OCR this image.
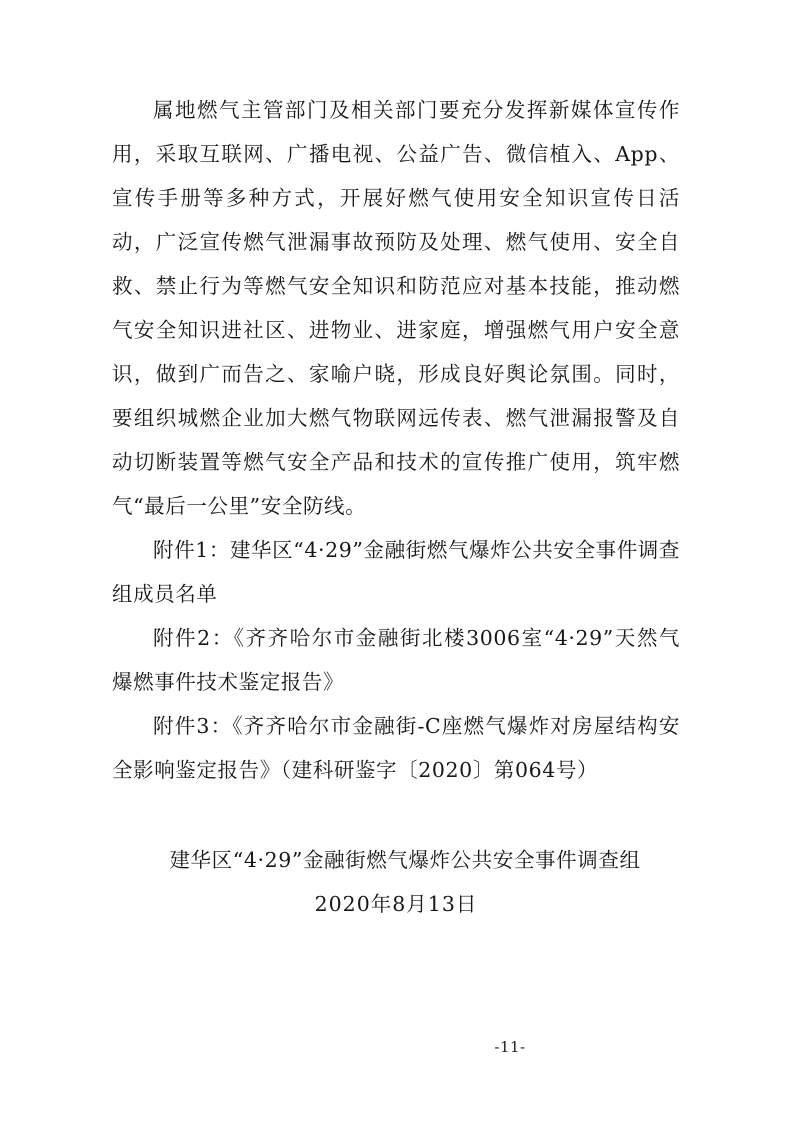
属地燃气主管部门及相关部门要充分发挥新媒体宣传作用，采取互联网、广播电视、公益广告、微信植入、App、宣传手册等多种方式，开展好燃气使用安全知识宣传日活动，广泛宣传燃气泄漏事故预防及处理、燃气使用、安全自救、禁止行为等燃气安全知识和防范应对基本技能，推动燃气安全知识进社区、进物业、进家庭，增强燃气用户安全意识，做到广而告之、家喻户晓，形成良好舆论氛围。同时，要组织城燃企业加大燃气物联网远传表、燃气泄漏报警及自动切断装置等燃气安全产品和技术的宣传推广使用，筑牢燃气“最后一公里”安全防线。

附件1：建华区“4·29”金融街燃气爆炸公共安全事件调查组成员名单

附件2：《齐齐哈尔市金融街北楼3006室“4·29”天然气爆燃事件技术鉴定报告》

附件3：《齐齐哈尔市金融街-C座燃气爆炸对房屋结构安全影响鉴定报告》（建科研鉴字〔2020〕第064号）

建华区“4·29”金融街燃气爆炸公共安全事件调查组

2020年8月13日

-11-
